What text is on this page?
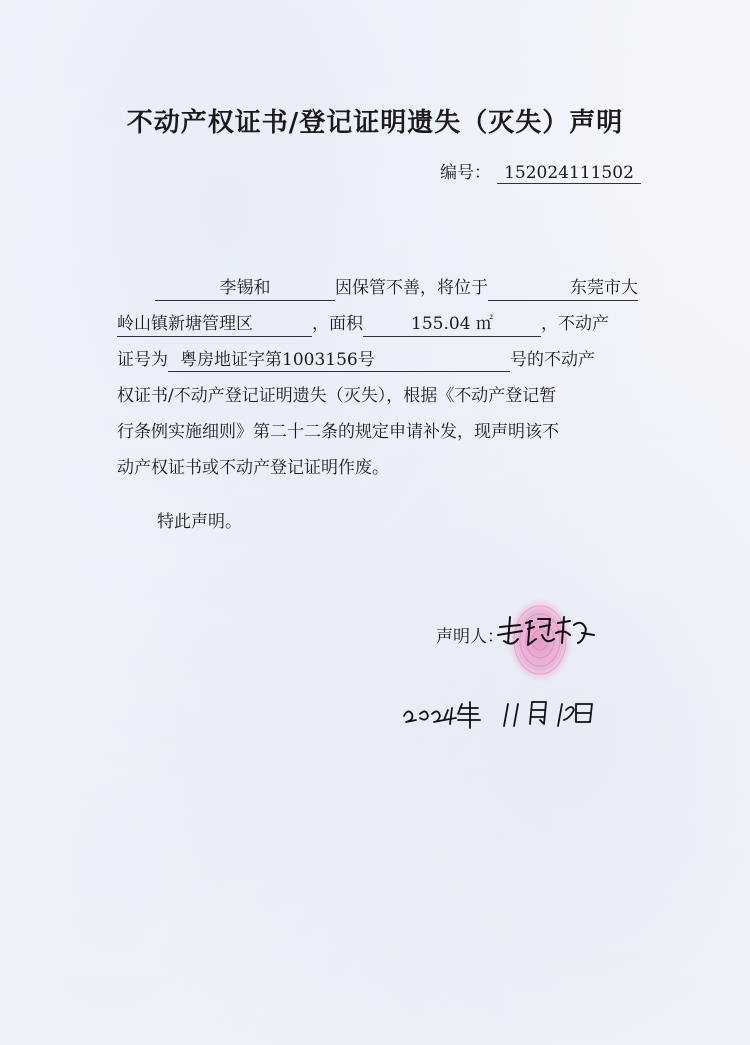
不动产权证书/登记证明遗失（灭失）声明
编号： 152024111502
李锡和	因保管不善，将位于	东莞市大
岭山镇新塘管理区	，面积	155.04 ㎡	，不动产
证号为 粤房地证字第1003156号	号的不动产
权证书/不动产登记证明遗失（灭失），根据《不动产登记暂
行条例实施细则》第二十二条的规定申请补发，现声明该不
动产权证书或不动产登记证明作废。
特此声明。
声明人：
